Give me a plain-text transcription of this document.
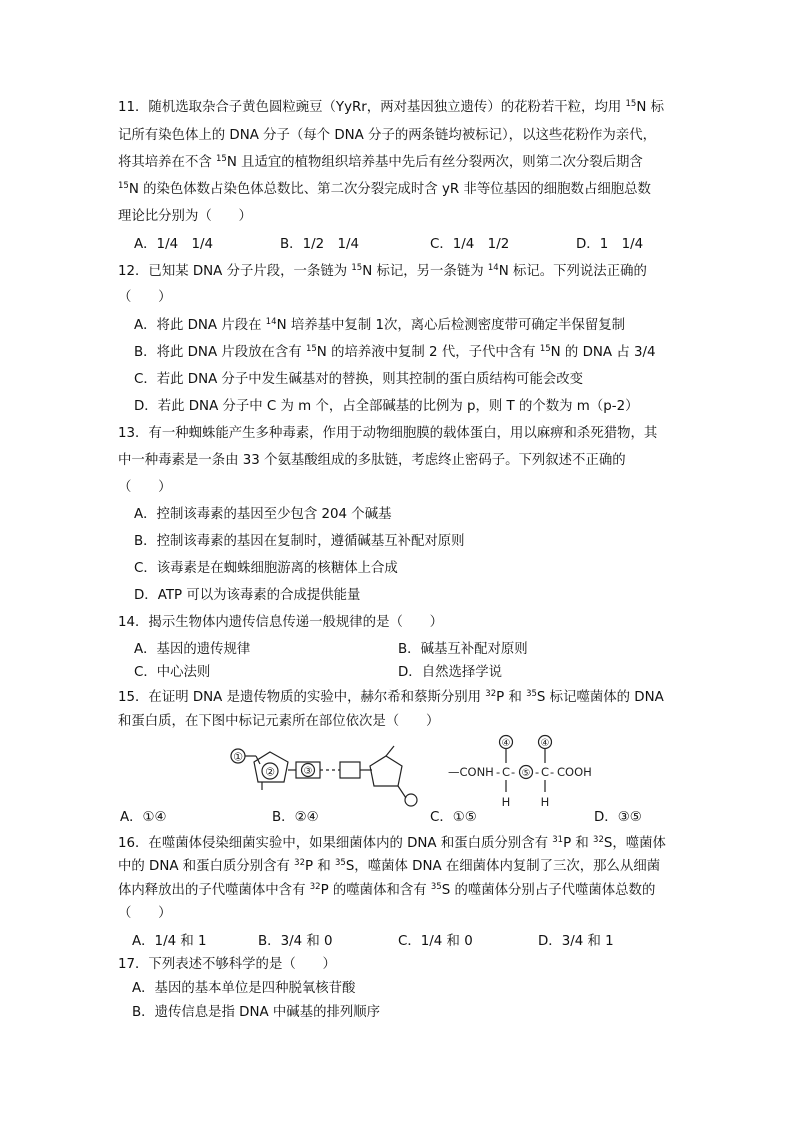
11．随机选取杂合子黄色圆粒豌豆（YyRr，两对基因独立遗传）的花粉若干粒，均用 $^{15}$N 标
记所有染色体上的 DNA 分子（每个 DNA 分子的两条链均被标记），以这些花粉作为亲代，
将其培养在不含 $^{15}$N 且适宜的植物组织培养基中先后有丝分裂两次，则第二次分裂后期含
$^{15}$N 的染色体数占染色体总数比、第二次分裂完成时含 yR 非等位基因的细胞数占细胞总数
理论比分别为（　　）
A．1/4　1/4	B．1/2　1/4	C．1/4　1/2	D．1　1/4
12．已知某 DNA 分子片段，一条链为 $^{15}$N 标记，另一条链为 $^{14}$N 标记。下列说法正确的
（　　）
A．将此 DNA 片段在 $^{14}$N 培养基中复制 1次，离心后检测密度带可确定半保留复制
B．将此 DNA 片段放在含有 $^{15}$N 的培养液中复制 2 代，子代中含有 $^{15}$N 的 DNA 占 3/4
C．若此 DNA 分子中发生碱基对的替换，则其控制的蛋白质结构可能会改变
D．若此 DNA 分子中 C 为 m 个，占全部碱基的比例为 p，则 T 的个数为 m（p-2）
13．有一种蜘蛛能产生多种毒素，作用于动物细胞膜的载体蛋白，用以麻痹和杀死猎物，其
中一种毒素是一条由 33 个氨基酸组成的多肽链，考虑终止密码子。下列叙述不正确的
（　　）
A．控制该毒素的基因至少包含 204 个碱基
B．控制该毒素的基因在复制时，遵循碱基互补配对原则
C．该毒素是在蜘蛛细胞游离的核糖体上合成
D．ATP 可以为该毒素的合成提供能量
14．揭示生物体内遗传信息传递一般规律的是（　　）
A．基因的遗传规律	B．碱基互补配对原则
C．中心法则	D．自然选择学说
15．在证明 DNA 是遗传物质的实验中，赫尔希和蔡斯分别用 $^{32}$P 和 $^{35}$S 标记噬菌体的 DNA
和蛋白质，在下图中标记元素所在部位依次是（　　）
①
②	③	—CONH - C - ⑤ - C - COOH
④	④
H	H
A．①④	B．②④	C．①⑤	D．③⑤
16．在噬菌体侵染细菌实验中，如果细菌体内的 DNA 和蛋白质分别含有 $^{31}$P 和 $^{32}$S，噬菌体
中的 DNA 和蛋白质分别含有 $^{32}$P 和 $^{35}$S，噬菌体 DNA 在细菌体内复制了三次，那么从细菌
体内释放出的子代噬菌体中含有 $^{32}$P 的噬菌体和含有 $^{35}$S 的噬菌体分别占子代噬菌体总数的
（　　）
A．1/4 和 1	B．3/4 和 0	C．1/4 和 0	D．3/4 和 1
17．下列表述不够科学的是（　　）
A．基因的基本单位是四种脱氧核苷酸
B．遗传信息是指 DNA 中碱基的排列顺序
